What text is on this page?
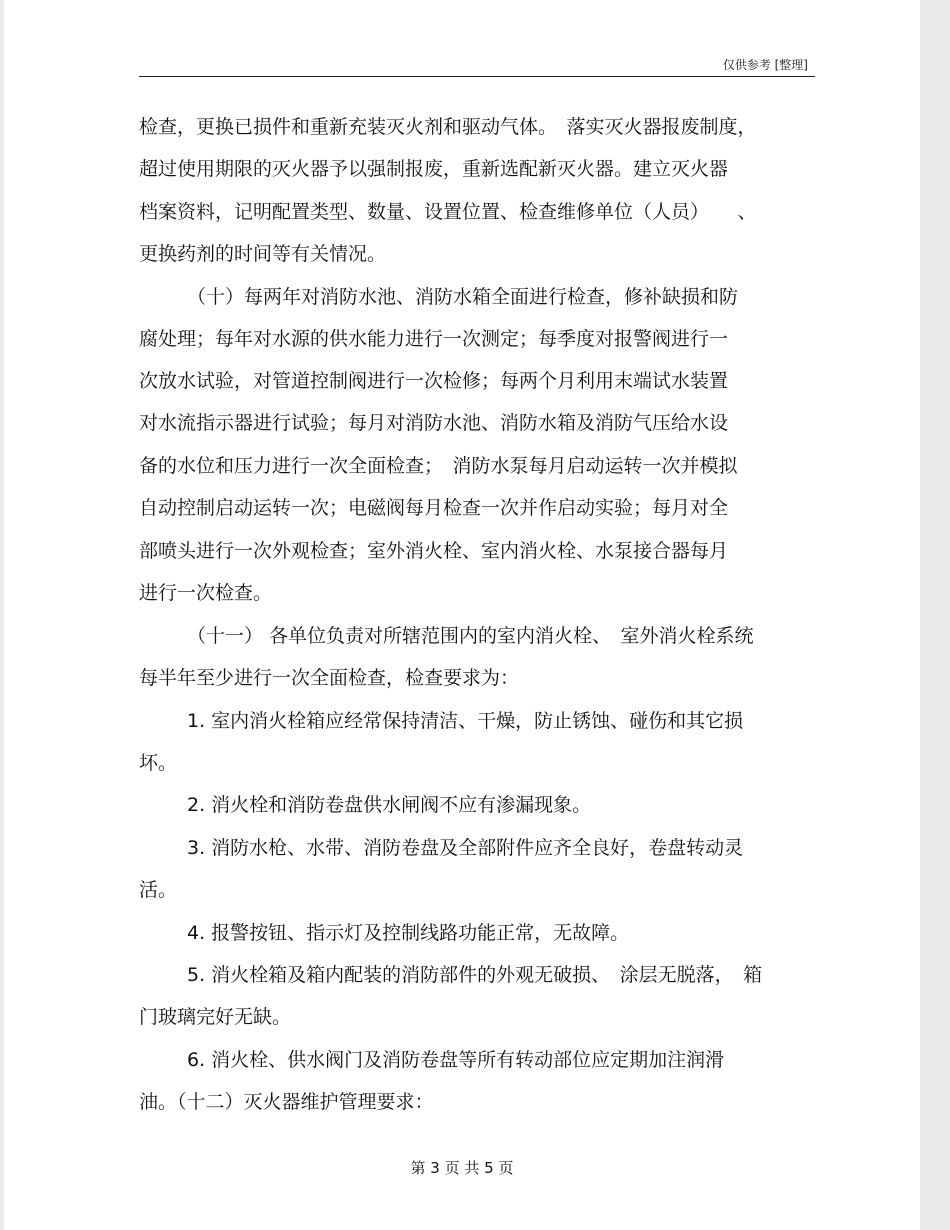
仅供参考 [整理]
检查，更换已损件和重新充装灭火剂和驱动气体。　落实灭火器报废制度，
超过使用期限的灭火器予以强制报废，重新选配新灭火器。建立灭火器
档案资料，记明配置类型、数量、设置位置、检查维修单位（人员）　　、
更换药剂的时间等有关情况。
（十）每两年对消防水池、消防水箱全面进行检查，修补缺损和防
腐处理；每年对水源的供水能力进行一次测定；每季度对报警阀进行一
次放水试验，对管道控制阀进行一次检修；每两个月利用末端试水装置
对水流指示器进行试验；每月对消防水池、消防水箱及消防气压给水设
备的水位和压力进行一次全面检查；　消防水泵每月启动运转一次并模拟
自动控制启动运转一次；电磁阀每月检查一次并作启动实验；每月对全
部喷头进行一次外观检查；室外消火栓、室内消火栓、水泵接合器每月
进行一次检查。
（十一） 各单位负责对所辖范围内的室内消火栓、　室外消火栓系统
每半年至少进行一次全面检查，检查要求为：
1. 室内消火栓箱应经常保持清洁、干燥，防止锈蚀、碰伤和其它损
坏。
2. 消火栓和消防卷盘供水闸阀不应有渗漏现象。
3. 消防水枪、水带、消防卷盘及全部附件应齐全良好，卷盘转动灵
活。
4. 报警按钮、指示灯及控制线路功能正常，无故障。
5. 消火栓箱及箱内配装的消防部件的外观无破损、　涂层无脱落，　箱
门玻璃完好无缺。
6. 消火栓、供水阀门及消防卷盘等所有转动部位应定期加注润滑
油。（十二）灭火器维护管理要求：
第 3 页 共 5 页
